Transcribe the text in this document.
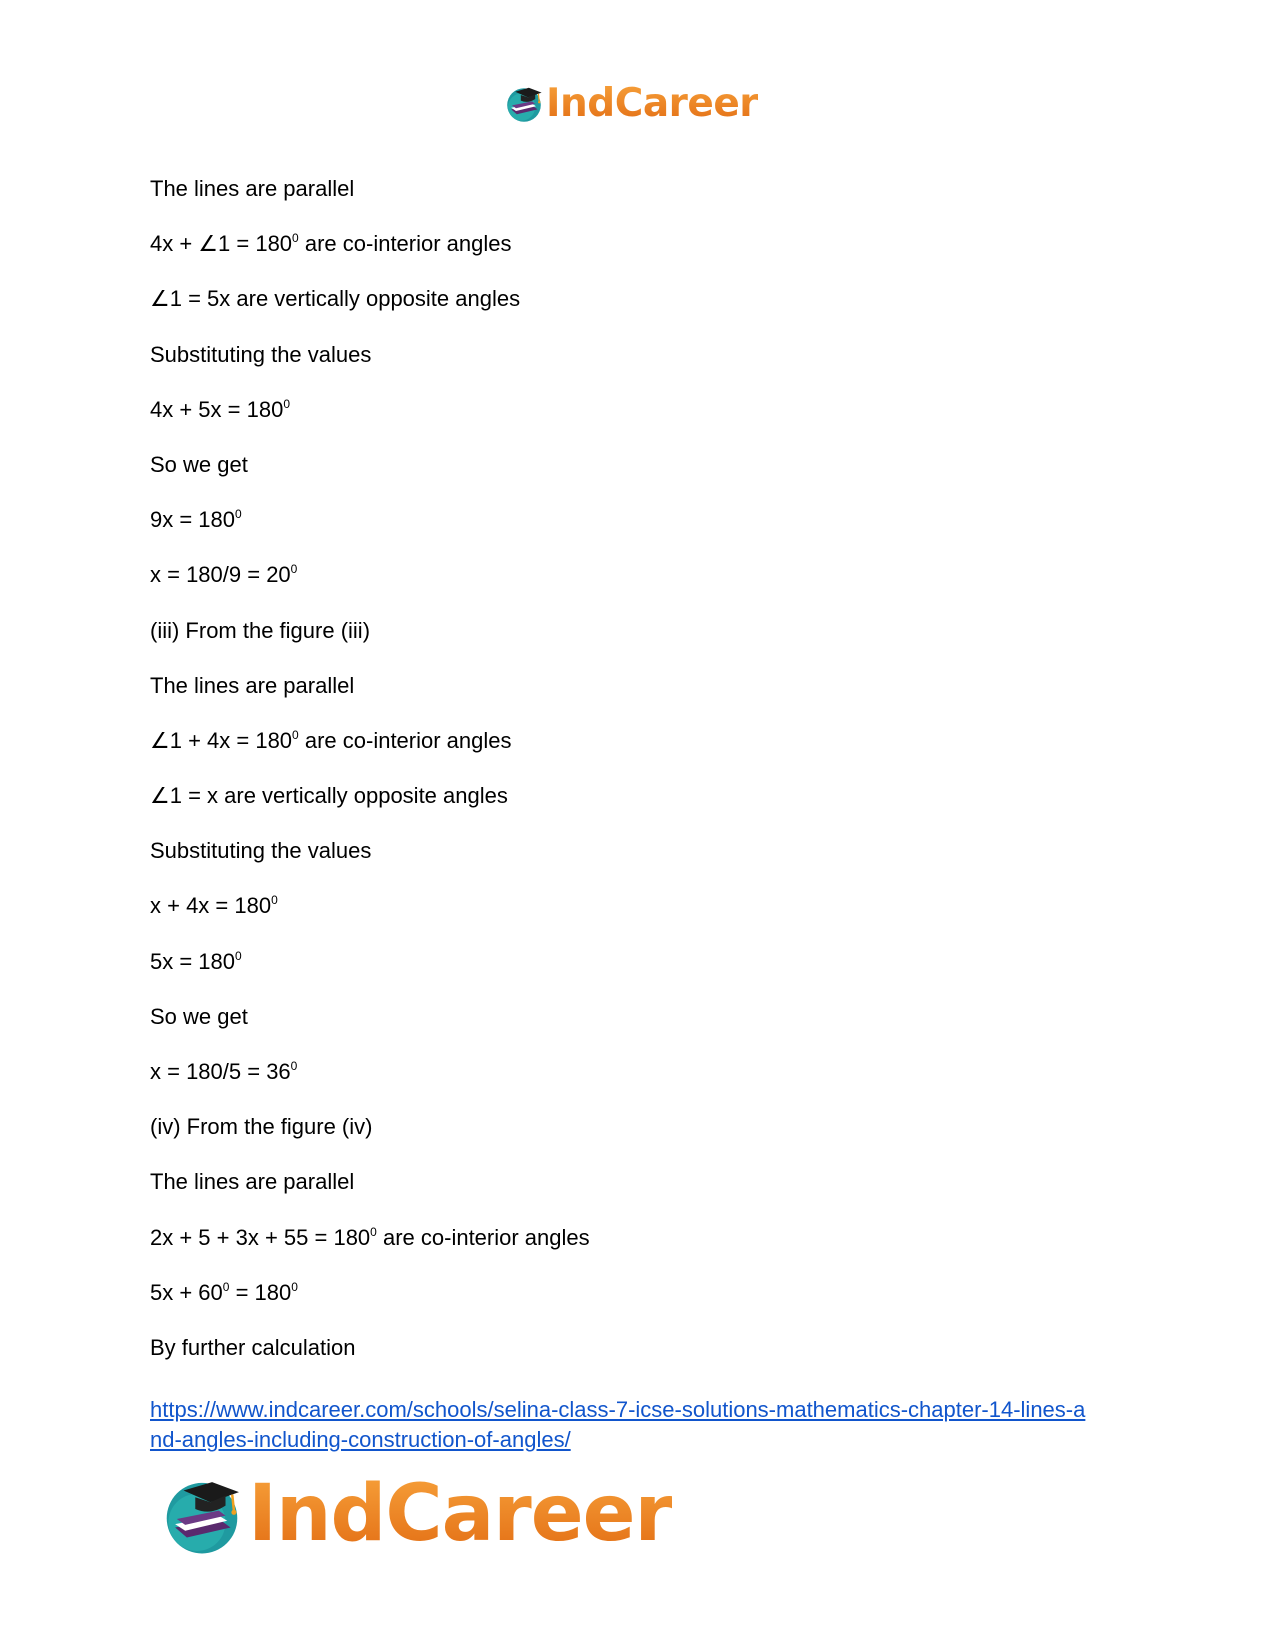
IndCareer
The lines are parallel
4x + ∠1 = $180^0$ are co-interior angles
∠1 = 5x are vertically opposite angles
Substituting the values
$4x + 5x = 180^0$
So we get
$9x = 180^0$
$x = 180/9 = 20^0$
(iii) From the figure (iii)
The lines are parallel
∠1 + $4x = 180^0$ are co-interior angles
∠1 = x are vertically opposite angles
Substituting the values
$x + 4x = 180^0$
$5x = 180^0$
So we get
$x = 180/5 = 36^0$
(iv) From the figure (iv)
The lines are parallel
$2x + 5 + 3x + 55 = 180^0$ are co-interior angles
$5x + 60^0 = 180^0$
By further calculation
https://www.indcareer.com/schools/selina-class-7-icse-solutions-mathematics-chapter-14-lines-a
nd-angles-including-construction-of-angles/
IndCareer
